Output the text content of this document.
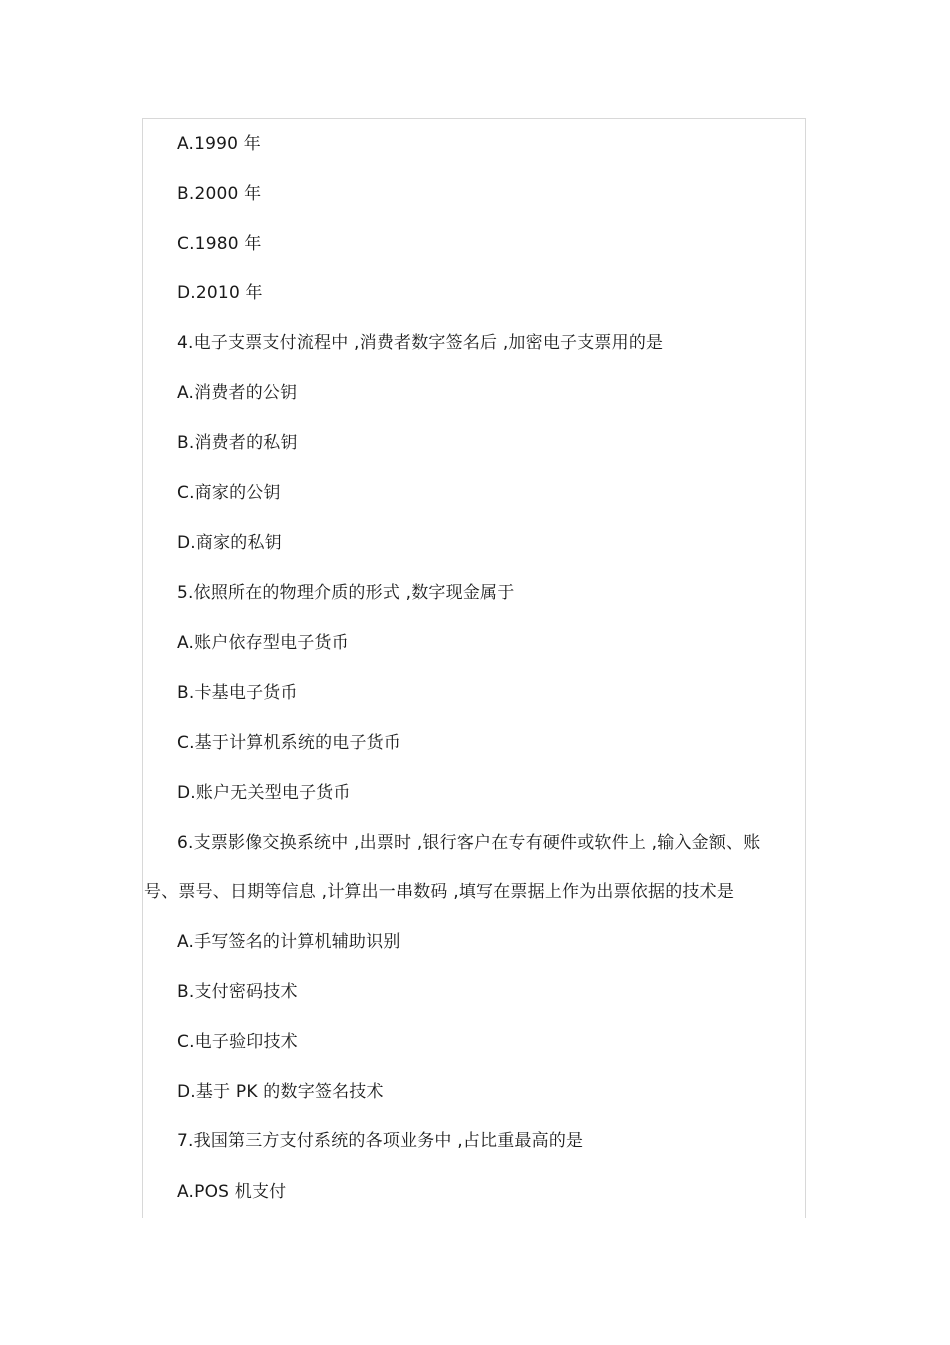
A.1990 年
B.2000 年
C.1980 年
D.2010 年
4.电子支票支付流程中 ,消费者数字签名后 ,加密电子支票用的是
A.消费者的公钥
B.消费者的私钥
C.商家的公钥
D.商家的私钥
5.依照所在的物理介质的形式 ,数字现金属于
A.账户依存型电子货币
B.卡基电子货币
C.基于计算机系统的电子货币
D.账户无关型电子货币
6.支票影像交换系统中 ,出票时 ,银行客户在专有硬件或软件上 ,输入金额、账
号、票号、日期等信息 ,计算出一串数码 ,填写在票据上作为出票依据的技术是
A.手写签名的计算机辅助识别
B.支付密码技术
C.电子验印技术
D.基于 PK 的数字签名技术
7.我国第三方支付系统的各项业务中 ,占比重最高的是
A.POS 机支付
